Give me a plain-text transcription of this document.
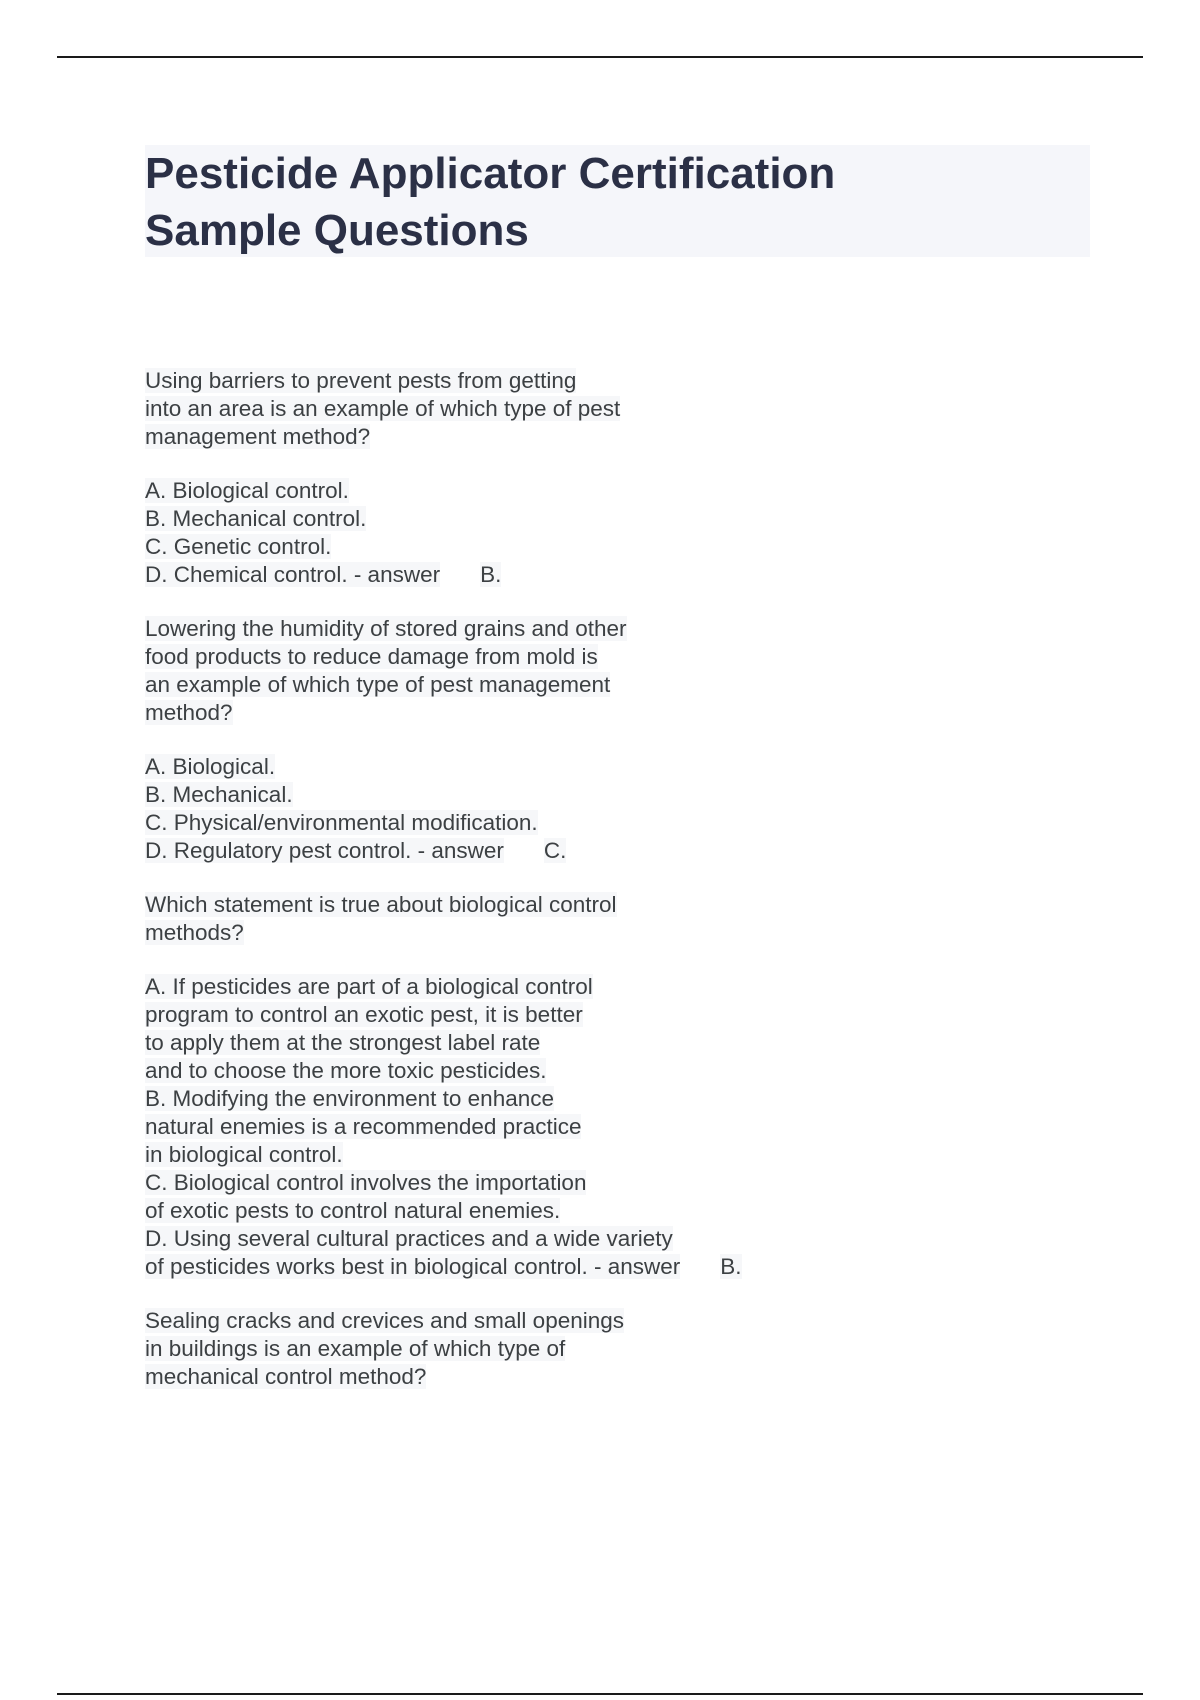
Pesticide Applicator Certification
Sample Questions
Using barriers to prevent pests from getting
into an area is an example of which type of pest
management method?
A. Biological control.
B. Mechanical control.
C. Genetic control.
D. Chemical control. - answer B.
Lowering the humidity of stored grains and other
food products to reduce damage from mold is
an example of which type of pest management
method?
A. Biological.
B. Mechanical.
C. Physical/environmental modification.
D. Regulatory pest control. - answer C.
Which statement is true about biological control
methods?
A. If pesticides are part of a biological control
program to control an exotic pest, it is better
to apply them at the strongest label rate
and to choose the more toxic pesticides.
B. Modifying the environment to enhance
natural enemies is a recommended practice
in biological control.
C. Biological control involves the importation
of exotic pests to control natural enemies.
D. Using several cultural practices and a wide variety
of pesticides works best in biological control. - answer B.
Sealing cracks and crevices and small openings
in buildings is an example of which type of
mechanical control method?
